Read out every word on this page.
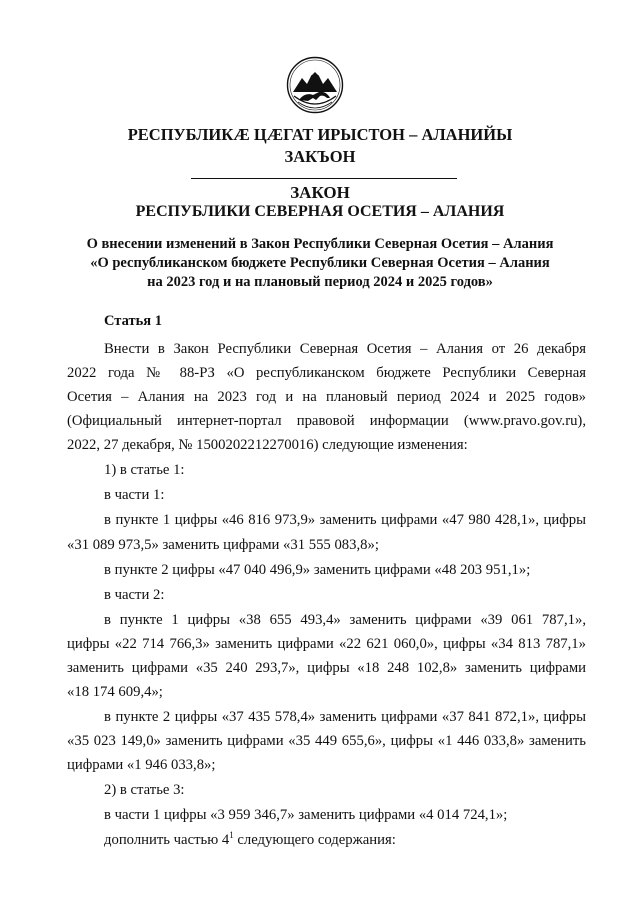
РЕСПУБЛИКӔ ЦӔГАТ ИРЫСТОН – АЛАНИЙЫ
ЗАКЪОН
ЗАКОН
РЕСПУБЛИКИ СЕВЕРНАЯ ОСЕТИЯ – АЛАНИЯ
О внесении изменений в Закон Республики Северная Осетия – Алания
«О республиканском бюджете Республики Северная Осетия – Алания
на 2023 год и на плановый период 2024 и 2025 годов»
Статья 1
Внести в Закон Республики Северная Осетия – Алания от 26 декабря
2022 года № 88-РЗ «О республиканском бюджете Республики Северная
Осетия – Алания на 2023 год и на плановый период 2024 и 2025 годов»
(Официальный интернет-портал правовой информации (www.pravo.gov.ru),
2022, 27 декабря, № 1500202212270016) следующие изменения:
1) в статье 1:
в части 1:
в пункте 1 цифры «46 816 973,9» заменить цифрами «47 980 428,1», цифры
«31 089 973,5» заменить цифрами «31 555 083,8»;
в пункте 2 цифры «47 040 496,9» заменить цифрами «48 203 951,1»;
в части 2:
в пункте 1 цифры «38 655 493,4» заменить цифрами «39 061 787,1»,
цифры «22 714 766,3» заменить цифрами «22 621 060,0», цифры «34 813 787,1»
заменить цифрами «35 240 293,7», цифры «18 248 102,8» заменить цифрами
«18 174 609,4»;
в пункте 2 цифры «37 435 578,4» заменить цифрами «37 841 872,1», цифры
«35 023 149,0» заменить цифрами «35 449 655,6», цифры «1 446 033,8» заменить
цифрами «1 946 033,8»;
2) в статье 3:
в части 1 цифры «3 959 346,7» заменить цифрами «4 014 724,1»;
дополнить частью $4^1$ следующего содержания:
